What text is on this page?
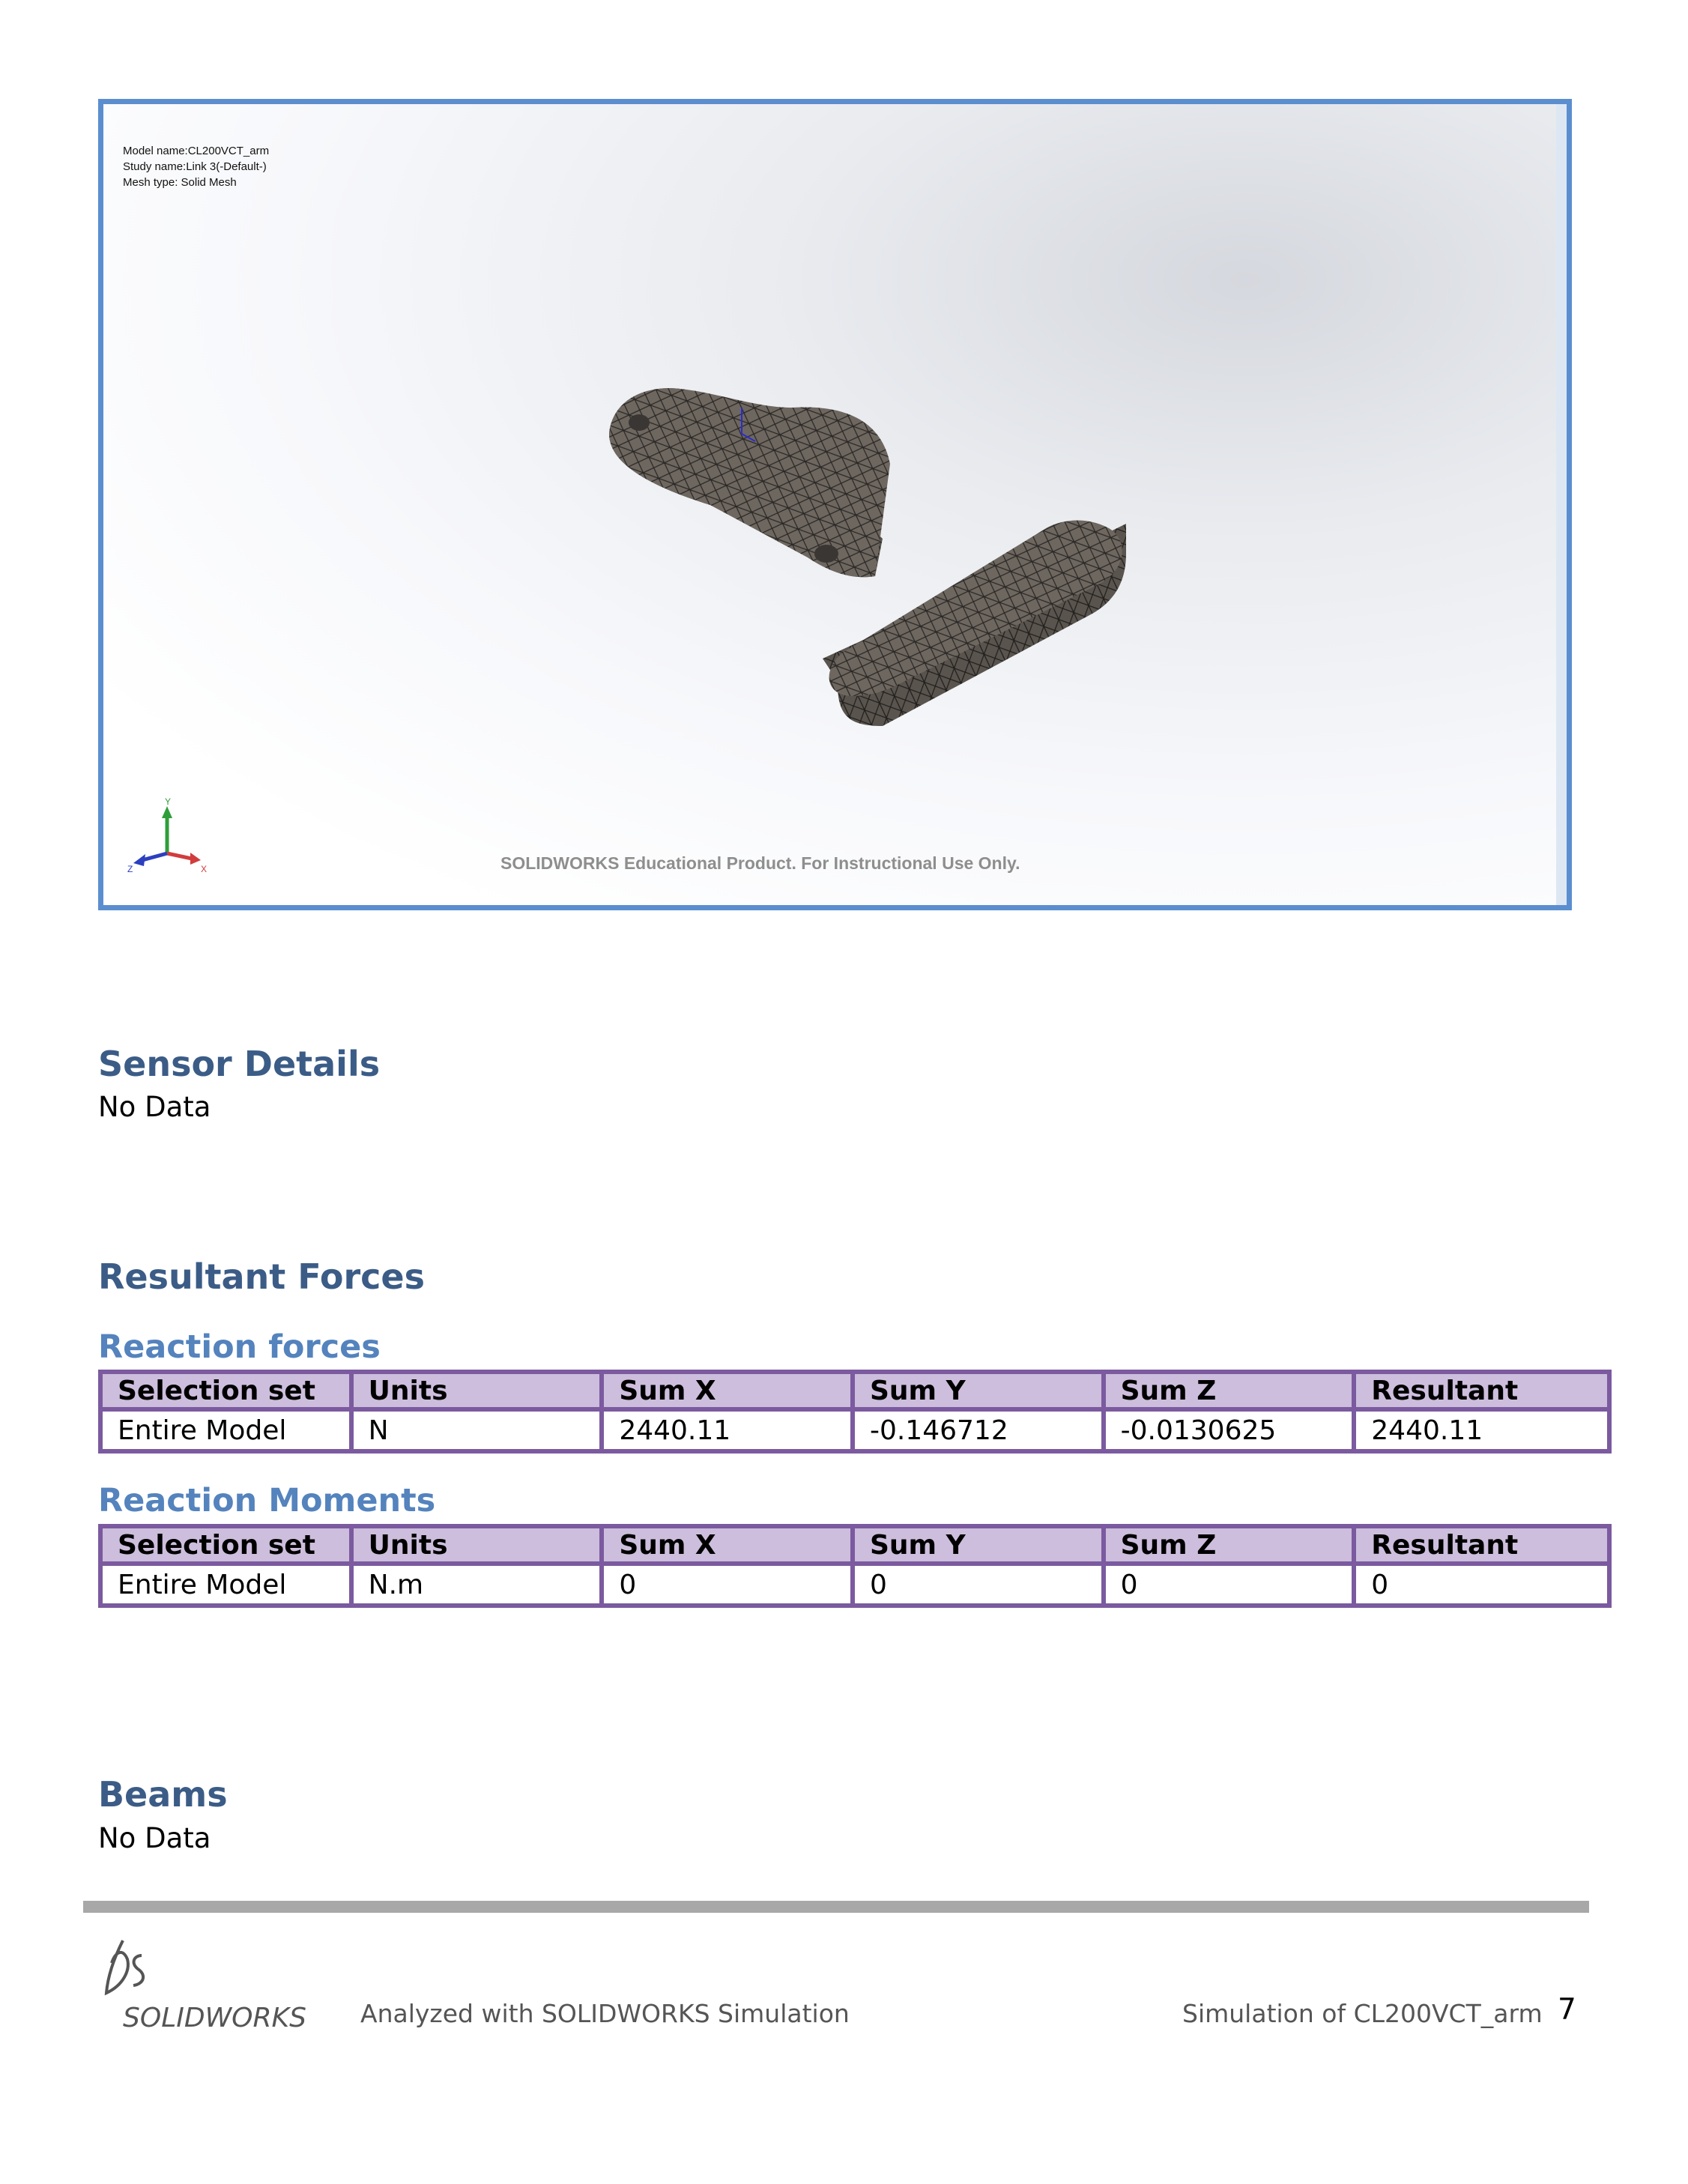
Model name:CL200VCT_arm
Study name:Link 3(-Default-)
Mesh type: Solid Mesh
Y
X
Z	SOLIDWORKS Educational Product. For Instructional Use Only.
Sensor Details
No Data
Resultant Forces
Reaction forces
Selection set	Units	Sum X	Sum Y	Sum Z	Resultant
Entire Model	N	2440.11	-0.146712	-0.0130625	2440.11
Reaction Moments
Selection set	Units	Sum X	Sum Y	Sum Z	Resultant
Entire Model	N.m	0	0	0	0
Beams
No Data
SOLIDWORKS Analyzed with SOLIDWORKS Simulation	Simulation of CL200VCT_arm 7
